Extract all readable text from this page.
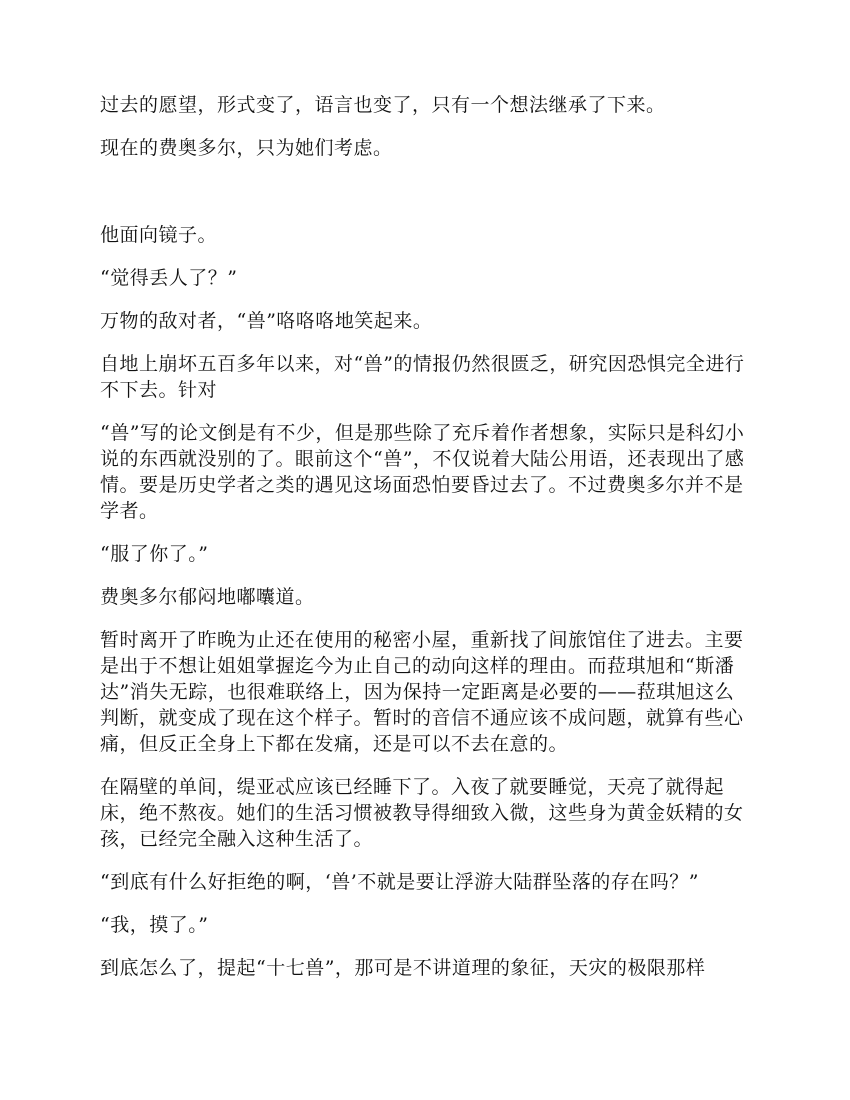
过去的愿望，形式变了，语言也变了，只有一个想法继承了下来。

现在的费奥多尔，只为她们考虑。

他面向镜子。

“觉得丢人了？”

万物的敌对者，“兽”咯咯咯地笑起来。

自地上崩坏五百多年以来，对“兽”的情报仍然很匮乏，研究因恐惧完全进行不下去。针对

“兽”写的论文倒是有不少，但是那些除了充斥着作者想象，实际只是科幻小说的东西就没别的了。眼前这个“兽”，不仅说着大陆公用语，还表现出了感情。要是历史学者之类的遇见这场面恐怕要昏过去了。不过费奥多尔并不是学者。

“服了你了。”

费奥多尔郁闷地嘟囔道。

暂时离开了昨晚为止还在使用的秘密小屋，重新找了间旅馆住了进去。主要是出于不想让姐姐掌握迄今为止自己的动向这样的理由。而菈琪旭和“斯潘达”消失无踪，也很难联络上，因为保持一定距离是必要的——菈琪旭这么判断，就变成了现在这个样子。暂时的音信不通应该不成问题，就算有些心痛，但反正全身上下都在发痛，还是可以不去在意的。

在隔壁的单间，缇亚忒应该已经睡下了。入夜了就要睡觉，天亮了就得起床，绝不熬夜。她们的生活习惯被教导得细致入微，这些身为黄金妖精的女孩，已经完全融入这种生活了。

“到底有什么好拒绝的啊，‘兽’不就是要让浮游大陆群坠落的存在吗？”

“我，摸了。”

到底怎么了，提起“十七兽”，那可是不讲道理的象征，天灾的极限那样
